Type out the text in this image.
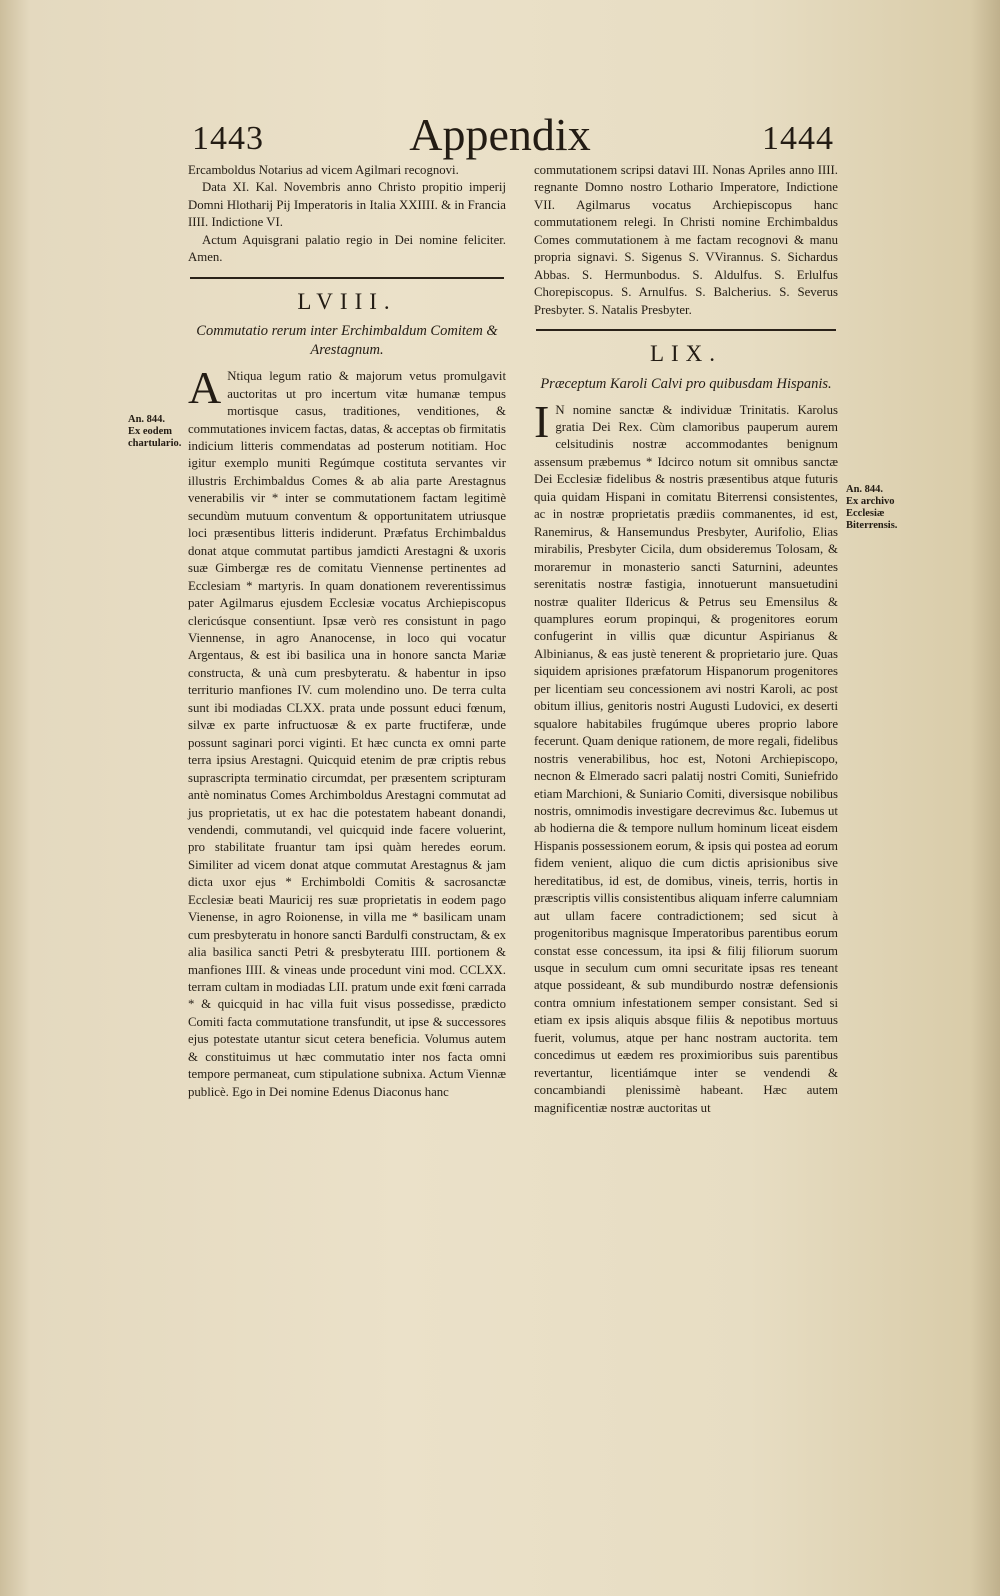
1443	Appendix	1444
An. 844.
Ex eodem chartulario.

Ercamboldus Notarius ad vicem Agilmari recognovi.

Data XI. Kal. Novembris anno Christo propitio imperij Domni Hlotharij Pij Imperatoris in Italia XXIIII. & in Francia IIII. Indictione VI.

Actum Aquisgrani palatio regio in Dei nomine feliciter. Amen.

LVIII.
Commutatio rerum inter Erchimbaldum Comitem & Arestagnum.

A Ntiqua legum ratio & majorum vetus promulgavit auctoritas ut pro incertum vitæ humanæ tempus mortisque casus, traditiones, venditiones, & commutationes invicem factas, datas, & acceptas ob firmitatis indicium litteris commendatas ad posterum notitiam. Hoc igitur exemplo muniti Regúmque costituta servantes vir illustris Erchimbaldus Comes & ab alia parte Arestagnus venerabilis vir * inter se commutationem factam legitimè secundùm mutuum conventum & opportunitatem utriusque loci præsentibus litteris indiderunt. Præfatus Erchimbaldus donat atque commutat partibus jamdicti Arestagni & uxoris suæ Gimbergæ res de comitatu Viennense pertinentes ad Ecclesiam * martyris. In quam donationem reverentissimus pater Agilmarus ejusdem Ecclesiæ vocatus Archiepiscopus clericúsque consentiunt. Ipsæ verò res consistunt in pago Viennense, in agro Ananocense, in loco qui vocatur Argentaus, & est ibi basilica una in honore sancta Mariæ constructa, & unà cum presbyteratu. & habentur in ipso territurio manfiones IV. cum molendino uno. De terra culta sunt ibi modiadas CLXX. prata unde possunt educi fœnum, silvæ ex parte infructuosæ & ex parte fructiferæ, unde possunt saginari porci viginti. Et hæc cuncta ex omni parte terra ipsius Arestagni. Quicquid etenim de præ criptis rebus suprascripta terminatio circumdat, per præsentem scripturam antè nominatus Comes Archimboldus Arestagni commutat ad jus proprietatis, ut ex hac die potestatem habeant donandi, vendendi, commutandi, vel quicquid inde facere voluerint, pro stabilitate fruantur tam ipsi quàm heredes eorum. Similiter ad vicem donat atque commutat Arestagnus & jam dicta uxor ejus * Erchimboldi Comitis & sacrosanctæ Ecclesiæ beati Mauricij res suæ proprietatis in eodem pago Vienense, in agro Roionense, in villa me * basilicam unam cum presbyteratu in honore sancti Bardulfi constructam, & ex alia basilica sancti Petri & presbyteratu IIII. portionem & manfiones IIII. & vineas unde procedunt vini mod. CCLXX. terram cultam in modiadas LII. pratum unde exit fœni carrada * & quicquid in hac villa fuit visus possedisse, prædicto Comiti facta commutatione transfundit, ut ipse & successores ejus potestate utantur sicut cetera beneficia. Volumus autem & constituimus ut hæc commutatio inter nos facta omni tempore permaneat, cum stipulatione subnixa. Actum Viennæ publicè. Ego in Dei nomine Edenus Diaconus hanc

commutationem scripsi datavi III. Nonas Apriles anno IIII. regnante Domno nostro Lothario Imperatore, Indictione VII. Agilmarus vocatus Archiepiscopus hanc commutationem relegi. In Christi nomine Erchimbaldus Comes commutationem à me factam recognovi & manu propria signavi. S. Sigenus S. VVirannus. S. Sichardus Abbas. S. Hermunbodus. S. Aldulfus. S. Erlulfus Chorepiscopus. S. Arnulfus. S. Balcherius. S. Severus Presbyter. S. Natalis Presbyter.

LIX.
Præceptum Karoli Calvi pro quibusdam Hispanis.

I N nomine sanctæ & individuæ Trinitatis. Karolus gratia Dei Rex. Cùm clamoribus pauperum aurem celsitudinis nostræ accommodantes benignum assensum præbemus * Idcirco notum sit omnibus sanctæ Dei Ecclesiæ fidelibus & nostris præsentibus atque futuris quia quidam Hispani in comitatu Biterrensi consistentes, ac in nostræ proprietatis prædiis commanentes, id est, Ranemirus, & Hansemundus Presbyter, Aurifolio, Elias mirabilis, Presbyter Cicila, dum obsideremus Tolosam, & moraremur in monasterio sancti Saturnini, adeuntes serenitatis nostræ fastigia, innotuerunt mansuetudini nostræ qualiter Ildericus & Petrus seu Emensilus & quamplures eorum propinqui, & progenitores eorum confugerint in villis quæ dicuntur Aspirianus & Albinianus, & eas justè tenerent & proprietario jure. Quas siquidem aprisiones præfatorum Hispanorum progenitores per licentiam seu concessionem avi nostri Karoli, ac post obitum illius, genitoris nostri Augusti Ludovici, ex deserti squalore habitabiles frugúmque uberes proprio labore fecerunt. Quam denique rationem, de more regali, fidelibus nostris venerabilibus, hoc est, Notoni Archiepiscopo, necnon & Elmerado sacri palatij nostri Comiti, Suniefrido etiam Marchioni, & Suniario Comiti, diversisque nobilibus nostris, omnimodis investigare decrevimus &c. Iubemus ut ab hodierna die & tempore nullum hominum liceat eisdem Hispanis possessionem eorum, & ipsis qui postea ad eorum fidem venient, aliquo die cum dictis aprisionibus sive hereditatibus, id est, de domibus, vineis, terris, hortis in præscriptis villis consistentibus aliquam inferre calumniam aut ullam facere contradictionem; sed sicut à progenitoribus magnisque Imperatoribus parentibus eorum constat esse concessum, ita ipsi & filij filiorum suorum usque in seculum cum omni securitate ipsas res teneant atque possideant, & sub mundiburdo nostræ defensionis contra omnium infestationem semper consistant. Sed si etiam ex ipsis aliquis absque filiis & nepotibus mortuus fuerit, volumus, atque per hanc nostram auctorita. tem concedimus ut eædem res proximioribus suis parentibus revertantur, licentiámque inter se vendendi & concambiandi plenissimè habeant. Hæc autem magnificentiæ nostræ auctoritas ut

An. 844.
Ex archivo Ecclesiæ Biterrensis.
